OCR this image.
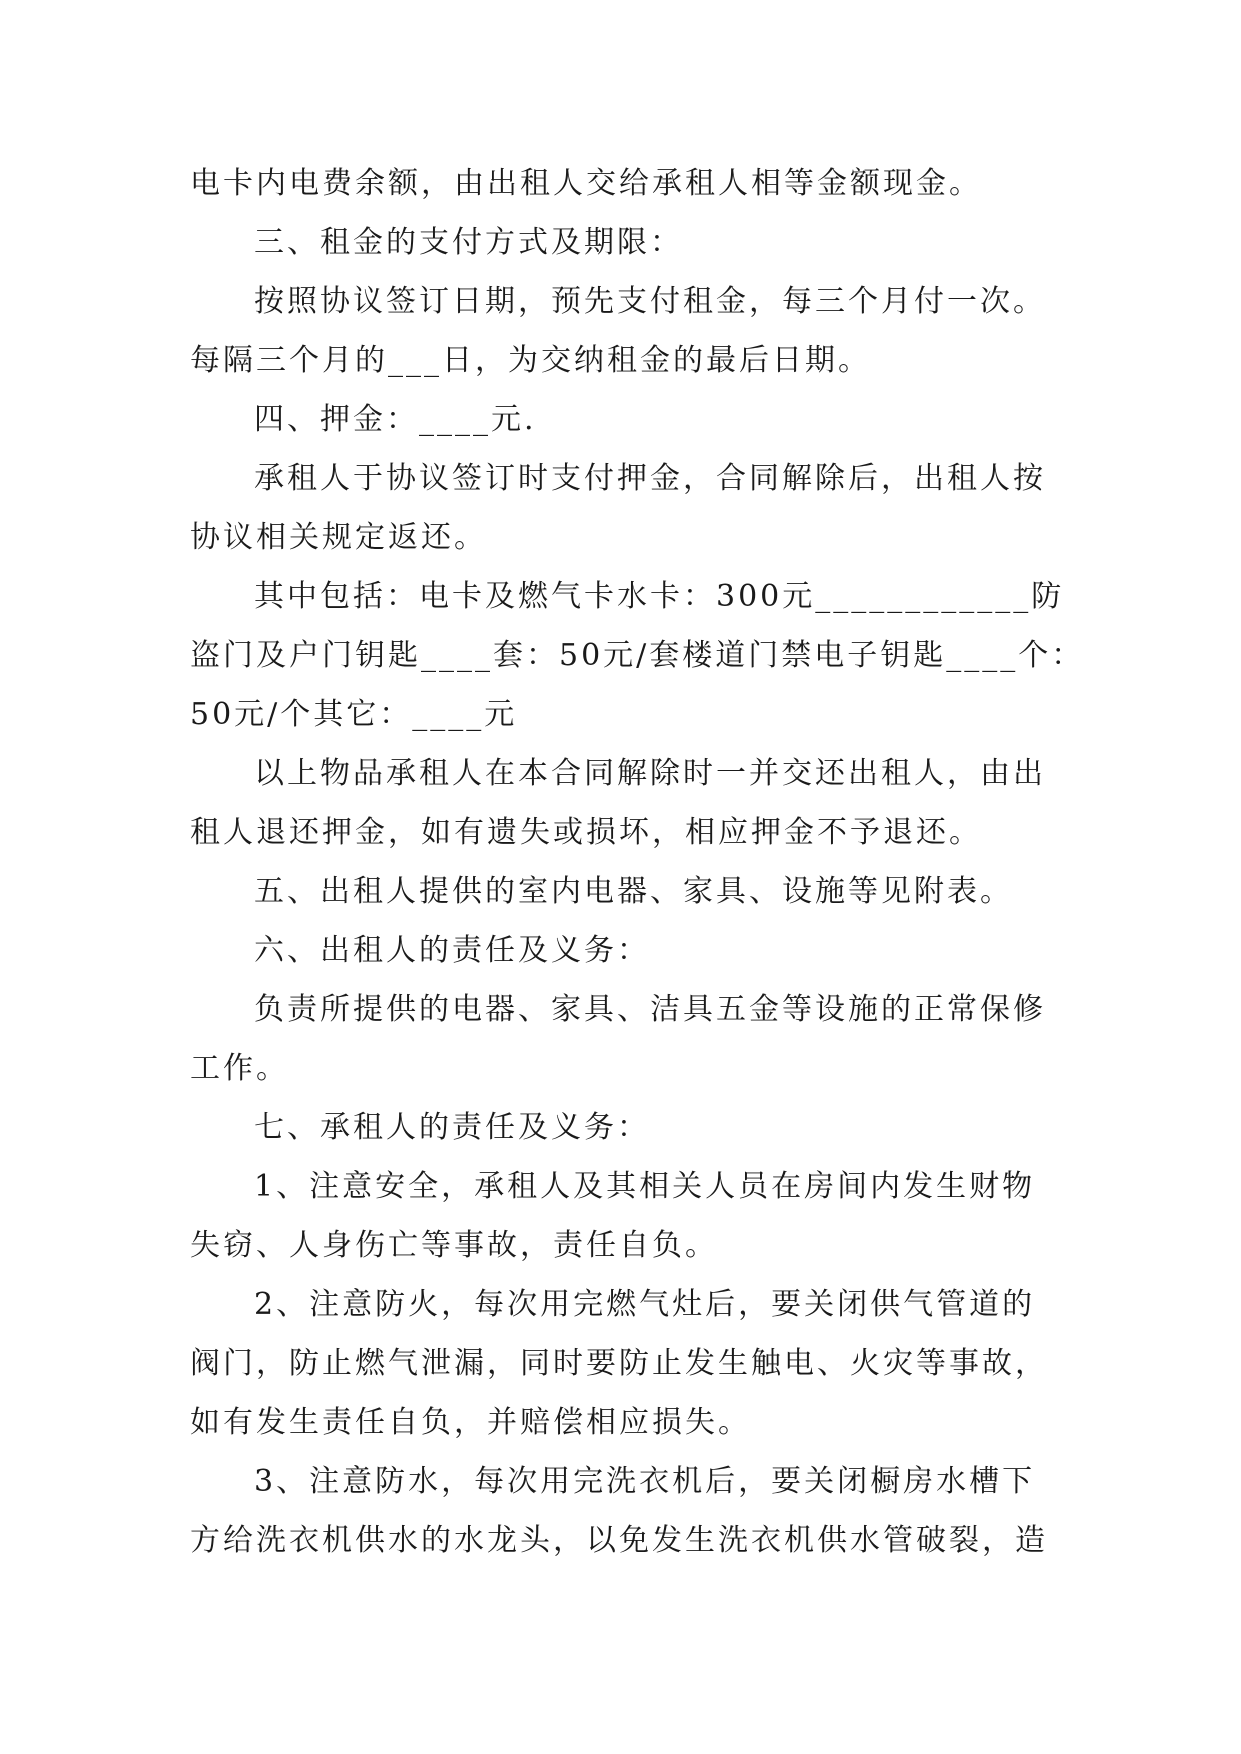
电卡内电费余额，由出租人交给承租人相等金额现金。
三、租金的支付方式及期限：
按照协议签订日期，预先支付租金，每三个月付一次。
每隔三个月的___日，为交纳租金的最后日期。
四、押金：____元.
承租人于协议签订时支付押金，合同解除后，出租人按
协议相关规定返还。
其中包括：电卡及燃气卡水卡：300元____________防
盗门及户门钥匙____套：50元/套楼道门禁电子钥匙____个：
50元/个其它：____元
以上物品承租人在本合同解除时一并交还出租人，由出
租人退还押金，如有遗失或损坏，相应押金不予退还。
五、出租人提供的室内电器、家具、设施等见附表。
六、出租人的责任及义务：
负责所提供的电器、家具、洁具五金等设施的正常保修
工作。
七、承租人的责任及义务：
1、注意安全，承租人及其相关人员在房间内发生财物
失窃、人身伤亡等事故，责任自负。
2、注意防火，每次用完燃气灶后，要关闭供气管道的
阀门，防止燃气泄漏，同时要防止发生触电、火灾等事故，
如有发生责任自负，并赔偿相应损失。
3、注意防水，每次用完洗衣机后，要关闭橱房水槽下
方给洗衣机供水的水龙头，以免发生洗衣机供水管破裂，造
